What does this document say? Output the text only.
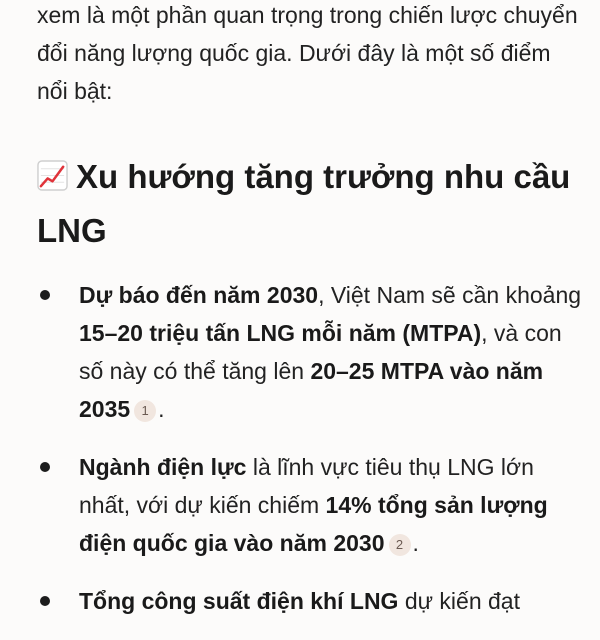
xem là một phần quan trọng trong chiến lược chuyển đổi năng lượng quốc gia. Dưới đây là một số điểm nổi bật:

Xu hướng tăng trưởng nhu cầu LNG
Dự báo đến năm 2030, Việt Nam sẽ cần khoảng 15–20 triệu tấn LNG mỗi năm (MTPA), và con số này có thể tăng lên 20–25 MTPA vào năm 2035 1 .
Ngành điện lực là lĩnh vực tiêu thụ LNG lớn nhất, với dự kiến chiếm 14% tổng sản lượng điện quốc gia vào năm 2030 2 .
Tổng công suất điện khí LNG dự kiến đạt
